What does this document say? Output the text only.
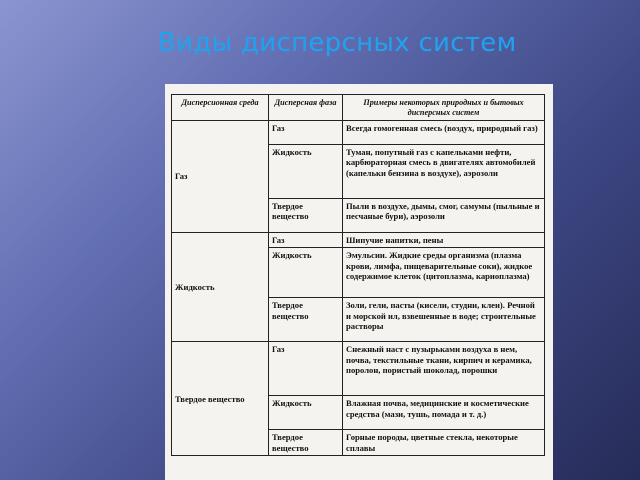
Виды дисперсных систем
Дисперсионная среда	Дисперсная фаза	Примеры некоторых природных и бытовых дисперсных систем
Газ	Газ	Всегда гомогенная смесь (воздух, природный газ)
	Жидкость	Туман, попутный газ с капельками нефти, карбюраторная смесь в двигателях автомобилей (капельки бензина в воздухе), аэрозоли
	Твердое вещество	Пыли в воздухе, дымы, смог, самумы (пыльные и песчаные бури), аэрозоли
Жидкость	Газ	Шипучие напитки, пены
	Жидкость	Эмульсии. Жидкие среды организма (плазма крови, лимфа, пищеварительные соки), жидкое содержимое клеток (цитоплазма, кариоплазма)
	Твердое вещество	Золи, гели, пасты (кисели, студни, клеи). Речной и морской ил, взвешенные в воде; строительные растворы
Твердое вещество	Газ	Снежный наст с пузырьками воздуха в нем, почва, текстильные ткани, кирпич и керамика, поролон, пористый шоколад, порошки
	Жидкость	Влажная почва, медицинские и косметические средства (мази, тушь, помада и т. д.)
	Твердое вещество	Горные породы, цветные стекла, некоторые сплавы
